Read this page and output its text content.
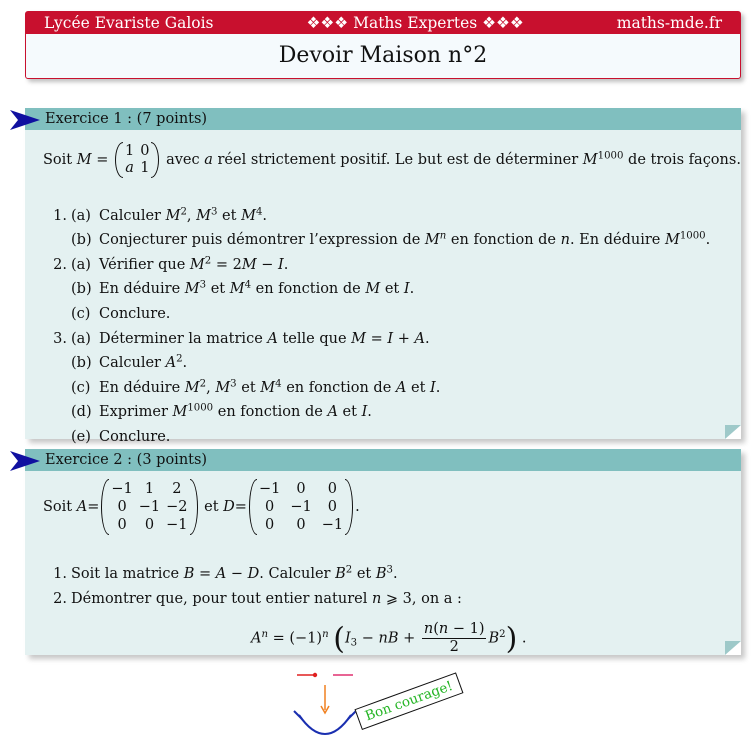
Lycée Evariste Galois	❖❖❖ Maths Expertes ❖❖❖	maths-mde.fr
Devoir Maison n°2
Exercice 1 : (7 points)
Soit M =
1 0
a 1 avec a réel strictement positif. Le but est de déterminer $M^{1000}$ de trois façons.
1. (a) Calculer $M^2$, $M^3$ et $M^4$.
(b) Conjecturer puis démontrer l’expression de $M^n$ en fonction de n. En déduire $M^{1000}$.
2. (a) Vérifier que $M^2 = 2M - I$.
(b) En déduire $M^3$ et $M^4$ en fonction de M et I.
(c) Conclure.
3. (a) Déterminer la matrice A telle que M = I + A.
(b) Calculer $A^2$.
(c) En déduire $M^2$, $M^3$ et $M^4$ en fonction de A et I.
(d) Exprimer $M^{1000}$ en fonction de A et I.
(e) Conclure.
Exercice 2 : (3 points)
Soit A=
−1 1	2
0 −1 −2
0	0 −1
et D=
−1	0	0
0	−1	0
0	0	−1
.
1. Soit la matrice B = A − D. Calculer $B^2$ et $B^3$.
2. Démontrer que, pour tout entier naturel n ⩾ 3, on a :
$A^n = (-1)^n$ ($I_3$ − nB + $\frac{n(n - 1)}{2} B^2$) .
Bon courage!
